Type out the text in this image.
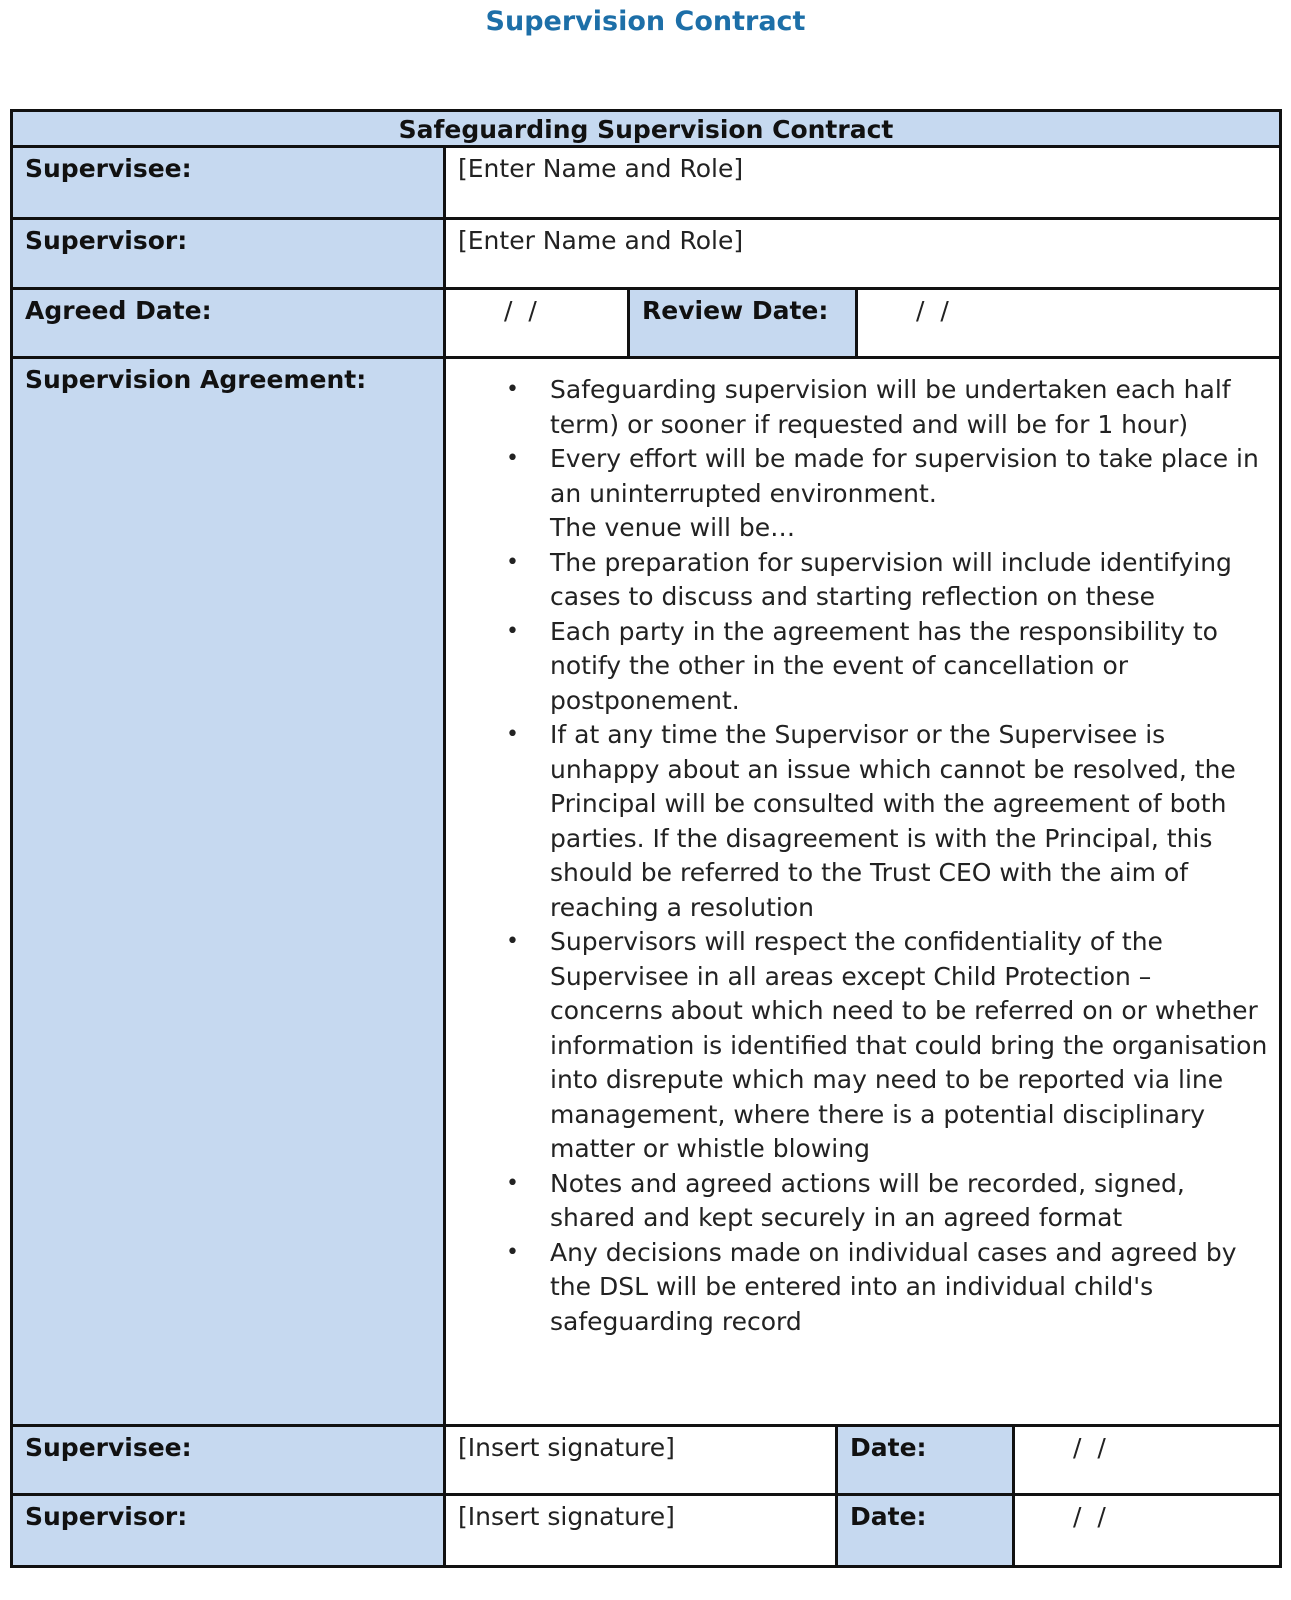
Supervision Contract
Safeguarding Supervision Contract
Supervisee:	[Enter Name and Role]
Supervisor:	[Enter Name and Role]
Agreed Date:	/ /	Review Date:	/ /
Supervision Agreement:
•	Safeguarding supervision will be undertaken each half term) or sooner if requested and will be for 1 hour)
• Every effort will be made for supervision to take place in an uninterrupted environment.
The venue will be…
• The preparation for supervision will include identifying cases to discuss and starting reflection on these
• Each party in the agreement has the responsibility to notify the other in the event of cancellation or postponement.
• If at any time the Supervisor or the Supervisee is unhappy about an issue which cannot be resolved, the Principal will be consulted with the agreement of both parties. If the disagreement is with the Principal, this should be referred to the Trust CEO with the aim of reaching a resolution
• Supervisors will respect the confidentiality of the Supervisee in all areas except Child Protection – concerns about which need to be referred on or whether information is identified that could bring the organisation into disrepute which may need to be reported via line management, where there is a potential disciplinary matter or whistle blowing
• Notes and agreed actions will be recorded, signed, shared and kept securely in an agreed format
• Any decisions made on individual cases and agreed by the DSL will be entered into an individual child's safeguarding record
Supervisee:	[Insert signature]	Date:	/ /
Supervisor:	[Insert signature]	Date:	/ /
